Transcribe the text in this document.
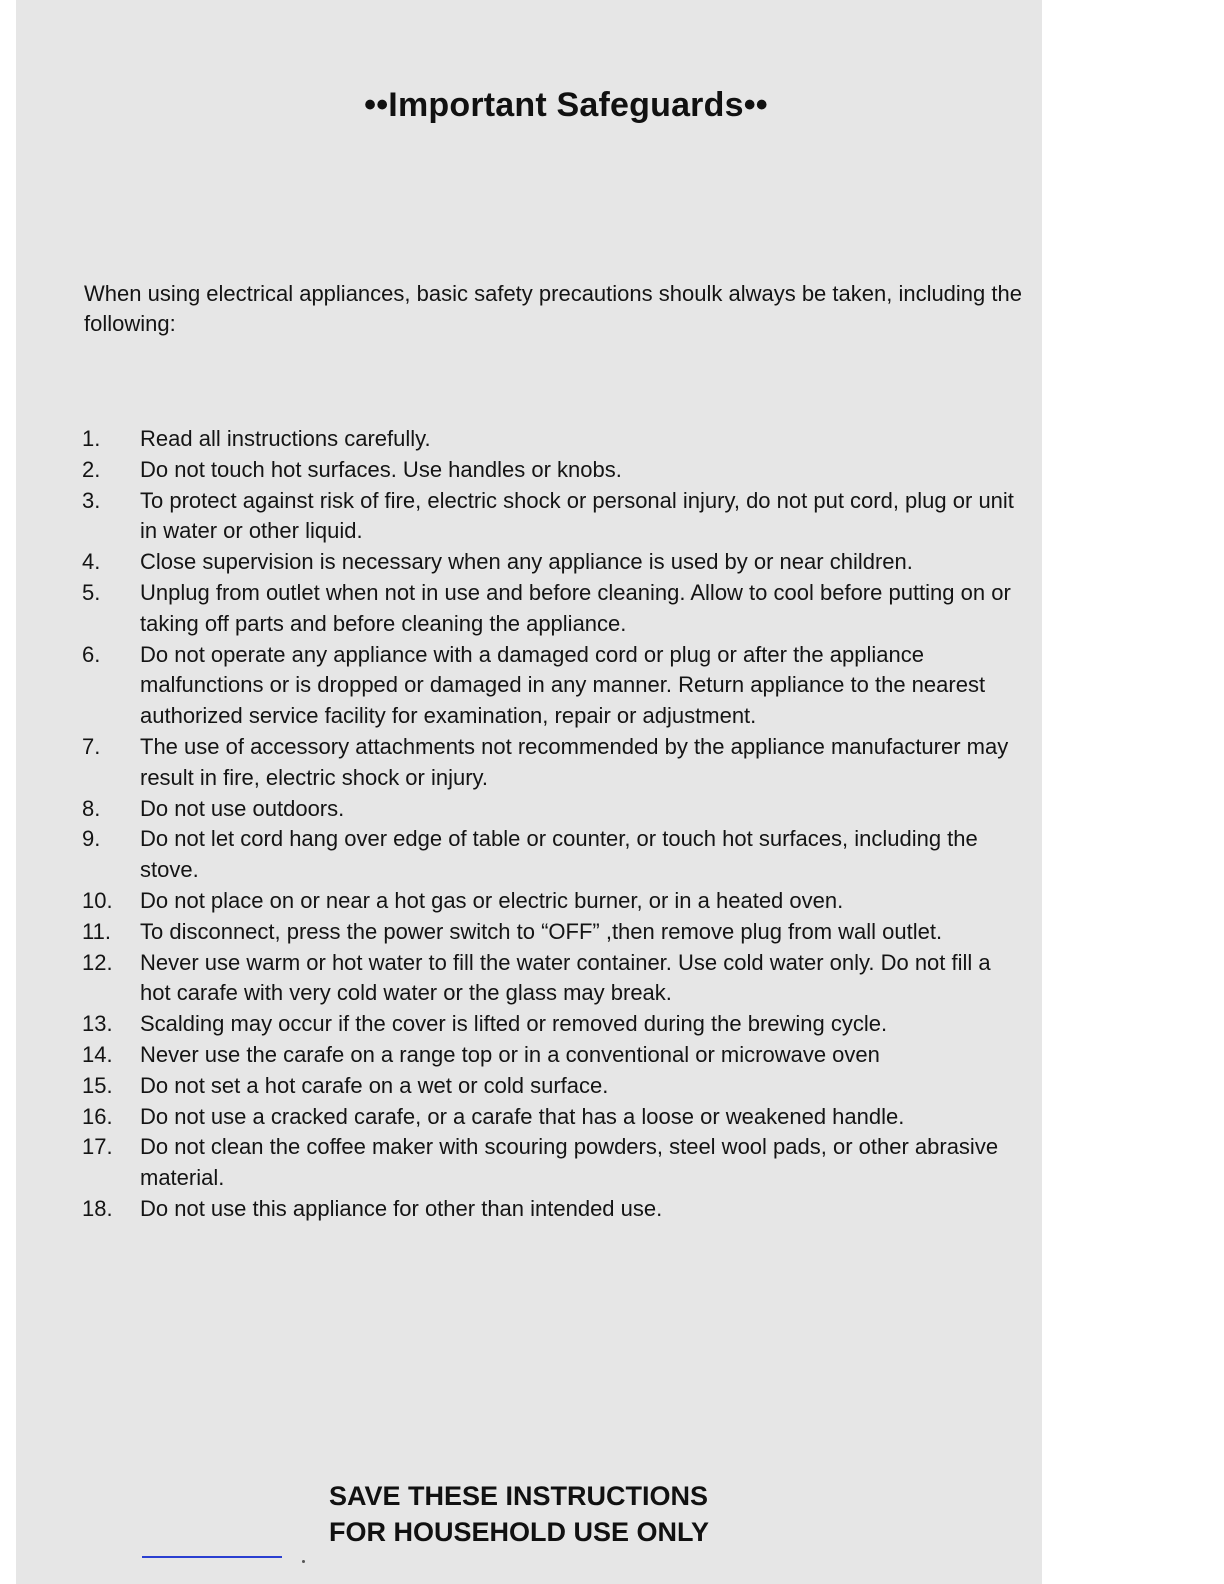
••Important Safeguards••
When using electrical appliances, basic safety precautions shoulk always be taken, including the following:
1.	Read all instructions carefully.
2.	Do not touch hot surfaces. Use handles or knobs.
3.	To protect against risk of fire, electric shock or personal injury, do not put cord, plug or unit in water or other liquid.
4.	Close supervision is necessary when any appliance is used by or near children.
5.	Unplug from outlet when not in use and before cleaning. Allow to cool before putting on or taking off parts and before cleaning the appliance.
6.	Do not operate any appliance with a damaged cord or plug or after the appliance malfunctions or is dropped or damaged in any manner. Return appliance to the nearest authorized service facility for examination, repair or adjustment.
7.	The use of accessory attachments not recommended by the appliance manufacturer may result in fire, electric shock or injury.
8.	Do not use outdoors.
9.	Do not let cord hang over edge of table or counter, or touch hot surfaces, including the stove.
10.	Do not place on or near a hot gas or electric burner, or in a heated oven.
11.	To disconnect, press the power switch to “OFF” ,then remove plug from wall outlet.
12.	Never use warm or hot water to fill the water container. Use cold water only. Do not fill a hot carafe with very cold water or the glass may break.
13.	Scalding may occur if the cover is lifted or removed during the brewing cycle.
14.	Never use the carafe on a range top or in a conventional or microwave oven
15.	Do not set a hot carafe on a wet or cold surface.
16.	Do not use a cracked carafe, or a carafe that has a loose or weakened handle.
17.	Do not clean the coffee maker with scouring powders, steel wool pads, or other abrasive material.
18.	Do not use this appliance for other than intended use.
SAVE THESE INSTRUCTIONS
FOR HOUSEHOLD USE ONLY
